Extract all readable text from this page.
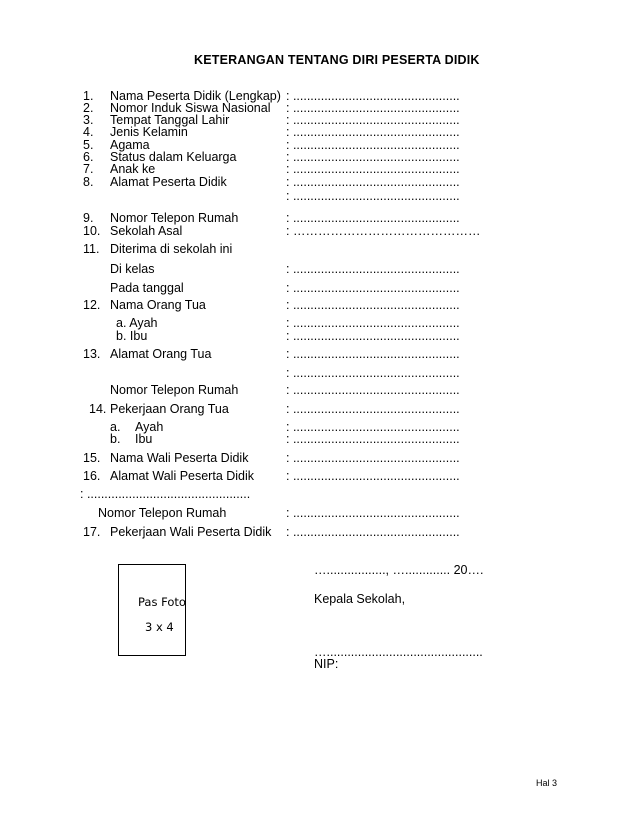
KETERANGAN TENTANG DIRI PESERTA DIDIK
1. Nama Peserta Didik (Lengkap) : ................................................
2. Nomor Induk Siswa Nasional : ................................................
3. Tempat Tanggal Lahir	: ................................................
4. Jenis Kelamin	: ................................................
5. Agama	: ................................................
6. Status dalam Keluarga	: ................................................
7. Anak ke	: ................................................
8. Alamat Peserta Didik	: ................................................
: ................................................
9. Nomor Telepon Rumah	: ................................................
10. Sekolah Asal	: ………………………………………
11. Diterima di sekolah ini
Di kelas	: ................................................
Pada tanggal	: ................................................
12. Nama Orang Tua	: ................................................
a. Ayah	: ................................................
b. Ibu	: ................................................
13. Alamat Orang Tua	: ................................................
: ................................................
Nomor Telepon Rumah	: ................................................
14. Pekerjaan Orang Tua	: ................................................
a. Ayah	: ................................................
b. Ibu	: ................................................
15. Nama Wali Peserta Didik	: ................................................
16. Alamat Wali Peserta Didik	: ................................................
: ...............................................
Nomor Telepon Rumah	: ................................................
17. Pekerjaan Wali Peserta Didik : ................................................
Pas Foto
3 x 4
…................., …............. 20….
Kepala Sekolah,
….............................................
NIP:
Hal 3
